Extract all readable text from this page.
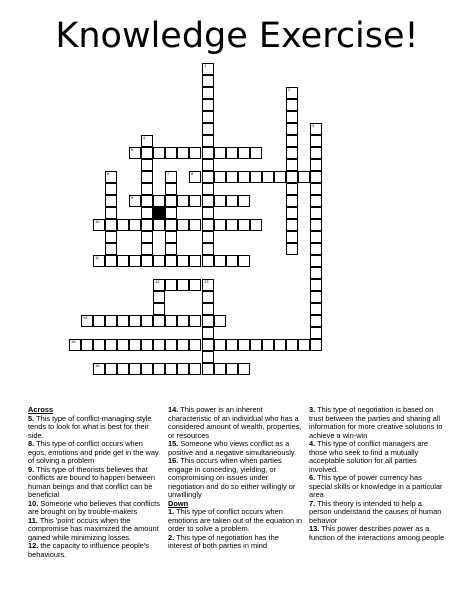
Knowledge Exercise!
1
2
3
4
5
6	7	8
9
10
11
12	13
14
15
16
Across
5. This type of conflict-managing style tends to look for what is best for their side.
8. This type of conflict occurs when egos, emotions and pride get in the way of solving a problem
9. This type of theorists believes that conflicts are bound to happen between human beings and that conflict can be beneficial
10. Someone who believes that conflicts are brought on by trouble-makers
11. This 'point' occurs when the compromise has maximized the amount gained while minimizing losses.
12. the capacity to influence people's behaviours.
14. This power is an inherent characteristic of an individual who has a considered amount of wealth, properties, or resources
15. Someone who views conflict as a positive and a negative simultaneously.
16. This occurs when when parties engage in conceding, yielding, or compromising on issues under negotiation and do so either willingly or unwillingly
Down
1. This type of conflict occurs when emotions are taken out of the equation in order to solve a problem.
2. This type of negotiation has the interest of both parties in mind
3. This type of negotiation is based on trust between the parties and sharing all information for more creative solutions to achieve a win-win
4. This type of conflict managers are those who seek to find a mutually acceptable solution for all parties involved.
6. This type of power currency has special skills or knowledge in a particular area
7. This theory is intended to help a person understand the causes of human behavior
13. This power describes power as a function of the interactions among people
